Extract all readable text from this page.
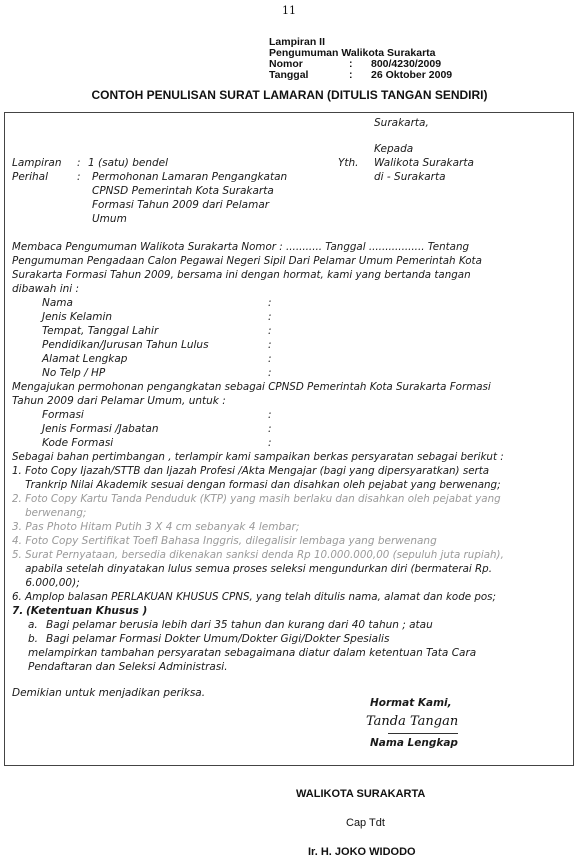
11
Lampiran II
Pengumuman Walikota Surakarta
Nomor	: 800/4230/2009
Tanggal	: 26 Oktober 2009
CONTOH PENULISAN SURAT LAMARAN (DITULIS TANGAN SENDIRI)
Surakarta,
Kepada
Lampiran : 1 (satu) bendel	Yth. Walikota Surakarta
Perihal	: Permohonan Lamaran Pengangkatan	di - Surakarta
CPNSD Pemerintah Kota Surakarta
Formasi Tahun 2009 dari Pelamar
Umum
Membaca Pengumuman Walikota Surakarta Nomor : ........... Tanggal ................. Tentang
Pengumuman Pengadaan Calon Pegawai Negeri Sipil Dari Pelamar Umum Pemerintah Kota
Surakarta Formasi Tahun 2009, bersama ini dengan hormat, kami yang bertanda tangan
dibawah ini :
Nama	:
Jenis Kelamin	:
Tempat, Tanggal Lahir	:
Pendidikan/Jurusan Tahun Lulus	:
Alamat Lengkap	:
No Telp / HP	:
Mengajukan permohonan pengangkatan sebagai CPNSD Pemerintah Kota Surakarta Formasi
Tahun 2009 dari Pelamar Umum, untuk :
Formasi	:
Jenis Formasi /Jabatan	:
Kode Formasi	:
Sebagai bahan pertimbangan , terlampir kami sampaikan berkas persyaratan sebagai berikut :
1. Foto Copy Ijazah/STTB dan Ijazah Profesi /Akta Mengajar (bagi yang dipersyaratkan) serta
Trankrip Nilai Akademik sesuai dengan formasi dan disahkan oleh pejabat yang berwenang;
2. Foto Copy Kartu Tanda Penduduk (KTP) yang masih berlaku dan disahkan oleh pejabat yang
berwenang;
3. Pas Photo Hitam Putih 3 X 4 cm sebanyak 4 lembar;
4. Foto Copy Sertifikat Toefl Bahasa Inggris, dilegalisir lembaga yang berwenang
5. Surat Pernyataan, bersedia dikenakan sanksi denda Rp 10.000.000,00 (sepuluh juta rupiah),
apabila setelah dinyatakan lulus semua proses seleksi mengundurkan diri (bermaterai Rp.
6.000,00);
6. Amplop balasan PERLAKUAN KHUSUS CPNS, yang telah ditulis nama, alamat dan kode pos;
7. (Ketentuan Khusus )
a. Bagi pelamar berusia lebih dari 35 tahun dan kurang dari 40 tahun ; atau
b. Bagi pelamar Formasi Dokter Umum/Dokter Gigi/Dokter Spesialis
melampirkan tambahan persyaratan sebagaimana diatur dalam ketentuan Tata Cara
Pendaftaran dan Seleksi Administrasi.
Demikian untuk menjadikan periksa.
Hormat Kami,
Tanda Tangan
Nama Lengkap
WALIKOTA SURAKARTA
Cap Tdt
Ir. H. JOKO WIDODO
